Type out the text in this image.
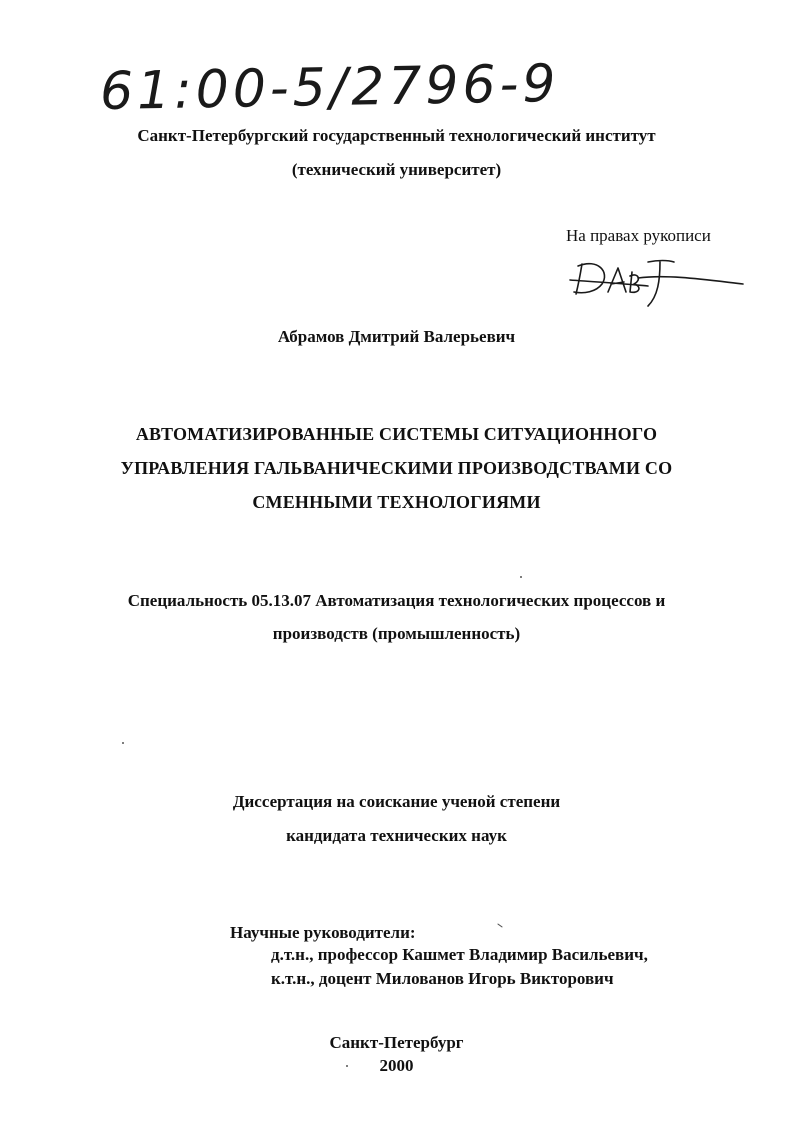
61:00-5/2796-9
Санкт-Петербургский государственный технологический институт
(технический университет)
На правах рукописи
Абрамов Дмитрий Валерьевич
АВТОМАТИЗИРОВАННЫЕ СИСТЕМЫ СИТУАЦИОННОГО
УПРАВЛЕНИЯ ГАЛЬВАНИЧЕСКИМИ ПРОИЗВОДСТВАМИ СО
СМЕННЫМИ ТЕХНОЛОГИЯМИ
Специальность 05.13.07 Автоматизация технологических процессов и
производств (промышленность)
Диссертация на соискание ученой степени
кандидата технических наук
Научные руководители:
д.т.н., профессор Кашмет Владимир Васильевич,
к.т.н., доцент Милованов Игорь Викторович
Санкт-Петербург
2000
